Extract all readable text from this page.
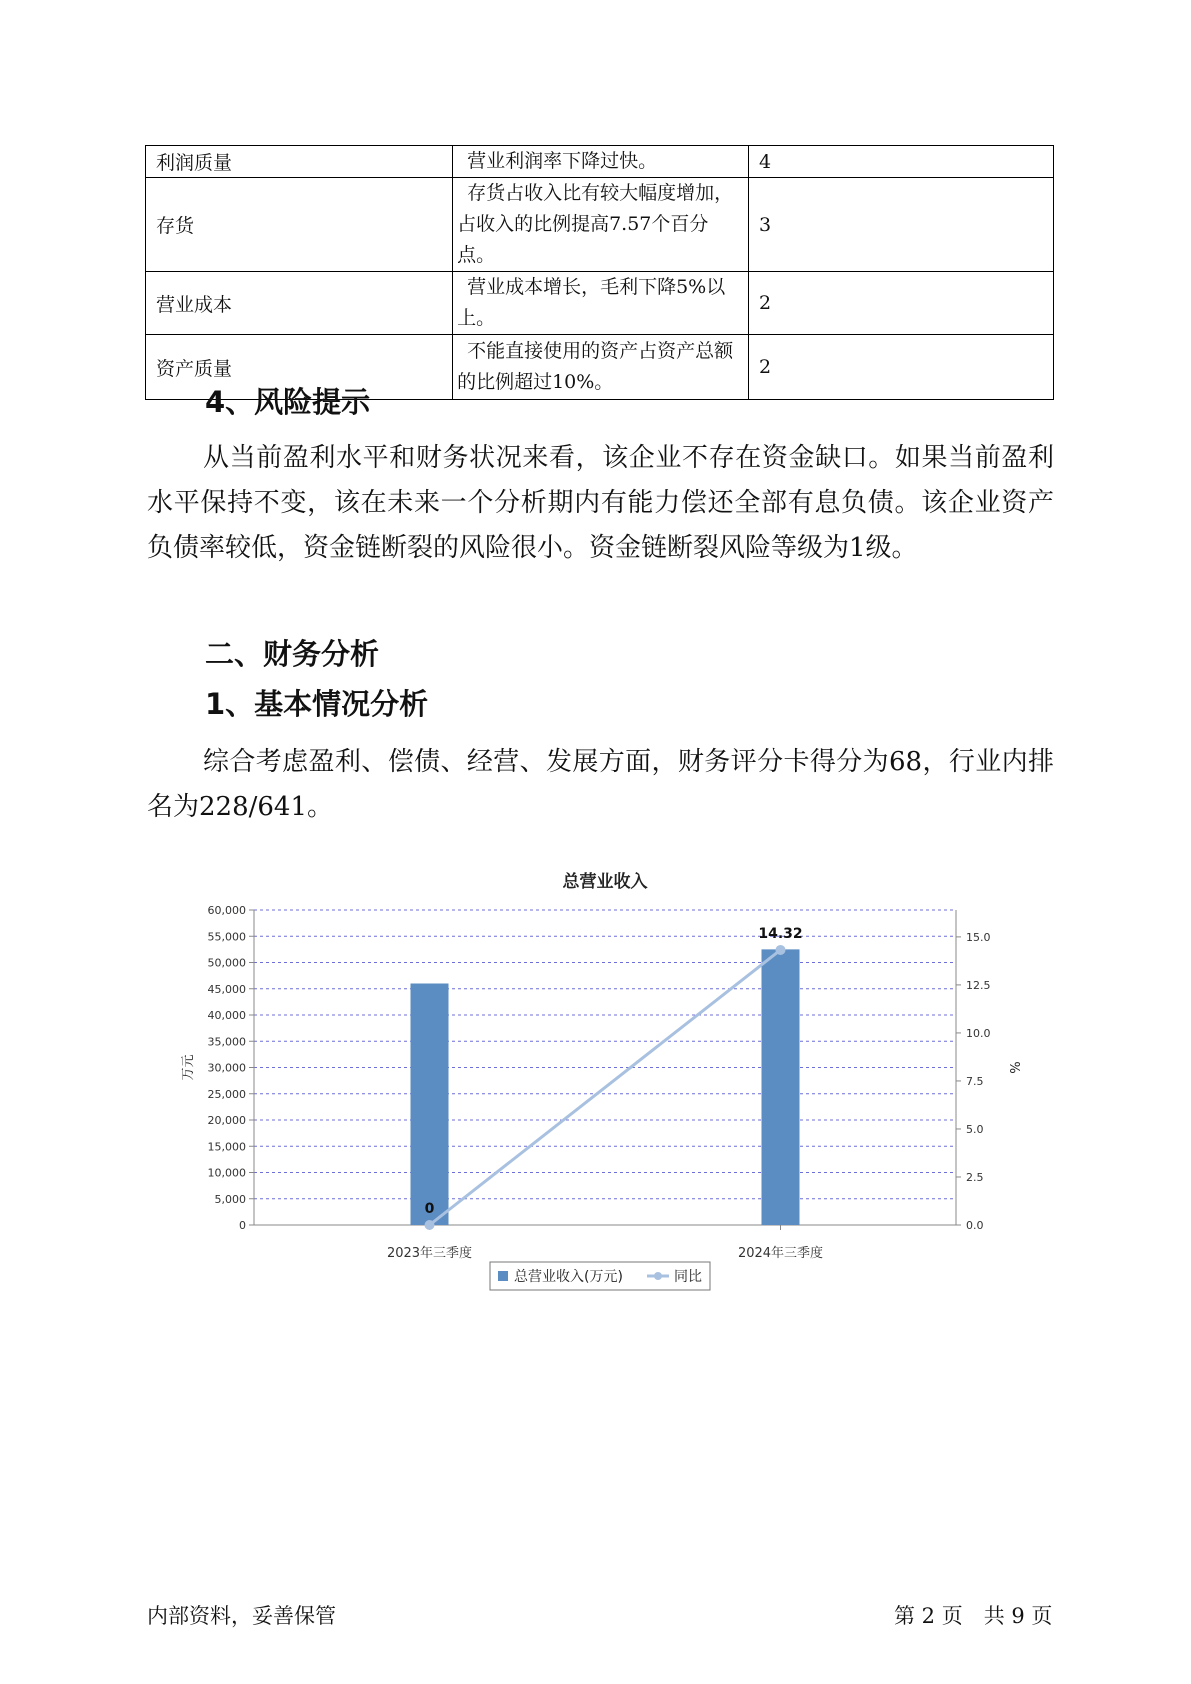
利润质量	营业利润率下降过快。	4
存货	存货占收入比有较大幅度增加，
占收入的比例提高7.57个百分点。	3
营业成本	营业成本增长，毛利下降5%以上。	2
资产质量	不能直接使用的资产占资产总额
的比例超过10%。	2
4、风险提示

从当前盈利水平和财务状况来看，该企业不存在资金缺口。如果当前盈利水平保持不变，该在未来一个分析期内有能力偿还全部有息负债。该企业资产负债率较低，资金链断裂的风险很小。资金链断裂风险等级为1级。

二、财务分析
1、基本情况分析

综合考虑盈利、偿债、经营、发展方面，财务评分卡得分为68，行业内排名为228/641。

总营业收入
0
5,000
10,000
15,000
20,000
25,000
30,000
35,000
40,000
45,000
50,000
55,000
60,000
0.0
2.5
5.0
7.5
10.0
12.5
15.0
万元	%
2023年三季度	2024年三季度
0
14.32
总营业收入(万元)	同比
内部资料，妥善保管	第 2 页　共 9 页
